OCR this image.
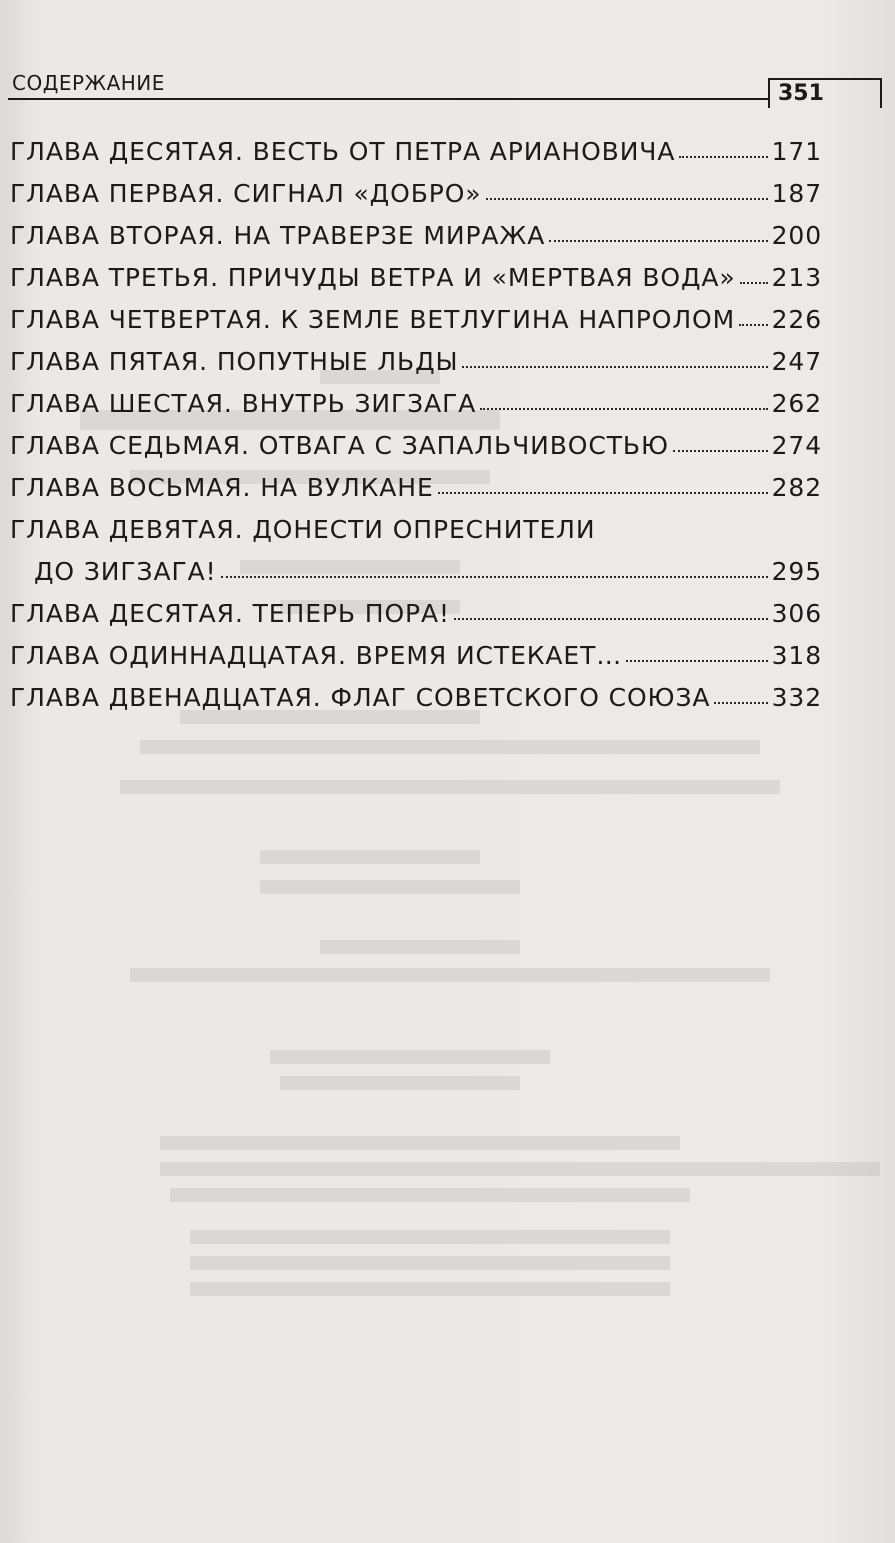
СОДЕРЖАНИЕ	351
ГЛАВА ДЕСЯТАЯ. ВЕСТЬ ОТ ПЕТРА АРИАНОВИЧА	171
ГЛАВА ПЕРВАЯ. СИГНАЛ «ДОБРО»	187
ГЛАВА ВТОРАЯ. НА ТРАВЕРЗЕ МИРАЖА	200
ГЛАВА ТРЕТЬЯ. ПРИЧУДЫ ВЕТРА И «МЕРТВАЯ ВОДА» 213
ГЛАВА ЧЕТВЕРТАЯ. К ЗЕМЛЕ ВЕТЛУГИНА НАПРОЛОМ 226
ГЛАВА ПЯТАЯ. ПОПУТНЫЕ ЛЬДЫ	247
ГЛАВА ШЕСТАЯ. ВНУТРЬ ЗИГЗАГА	262
ГЛАВА СЕДЬМАЯ. ОТВАГА С ЗАПАЛЬЧИВОСТЬЮ	274
ГЛАВА ВОСЬМАЯ. НА ВУЛКАНЕ	282
ГЛАВА ДЕВЯТАЯ. ДОНЕСТИ ОПРЕСНИТЕЛИ
ДО ЗИГЗАГА!	295
ГЛАВА ДЕСЯТАЯ. ТЕПЕРЬ ПОРА!	306
ГЛАВА ОДИННАДЦАТАЯ. ВРЕМЯ ИСТЕКАЕТ…	318
ГЛАВА ДВЕНАДЦАТАЯ. ФЛАГ СОВЕТСКОГО СОЮЗА 332
